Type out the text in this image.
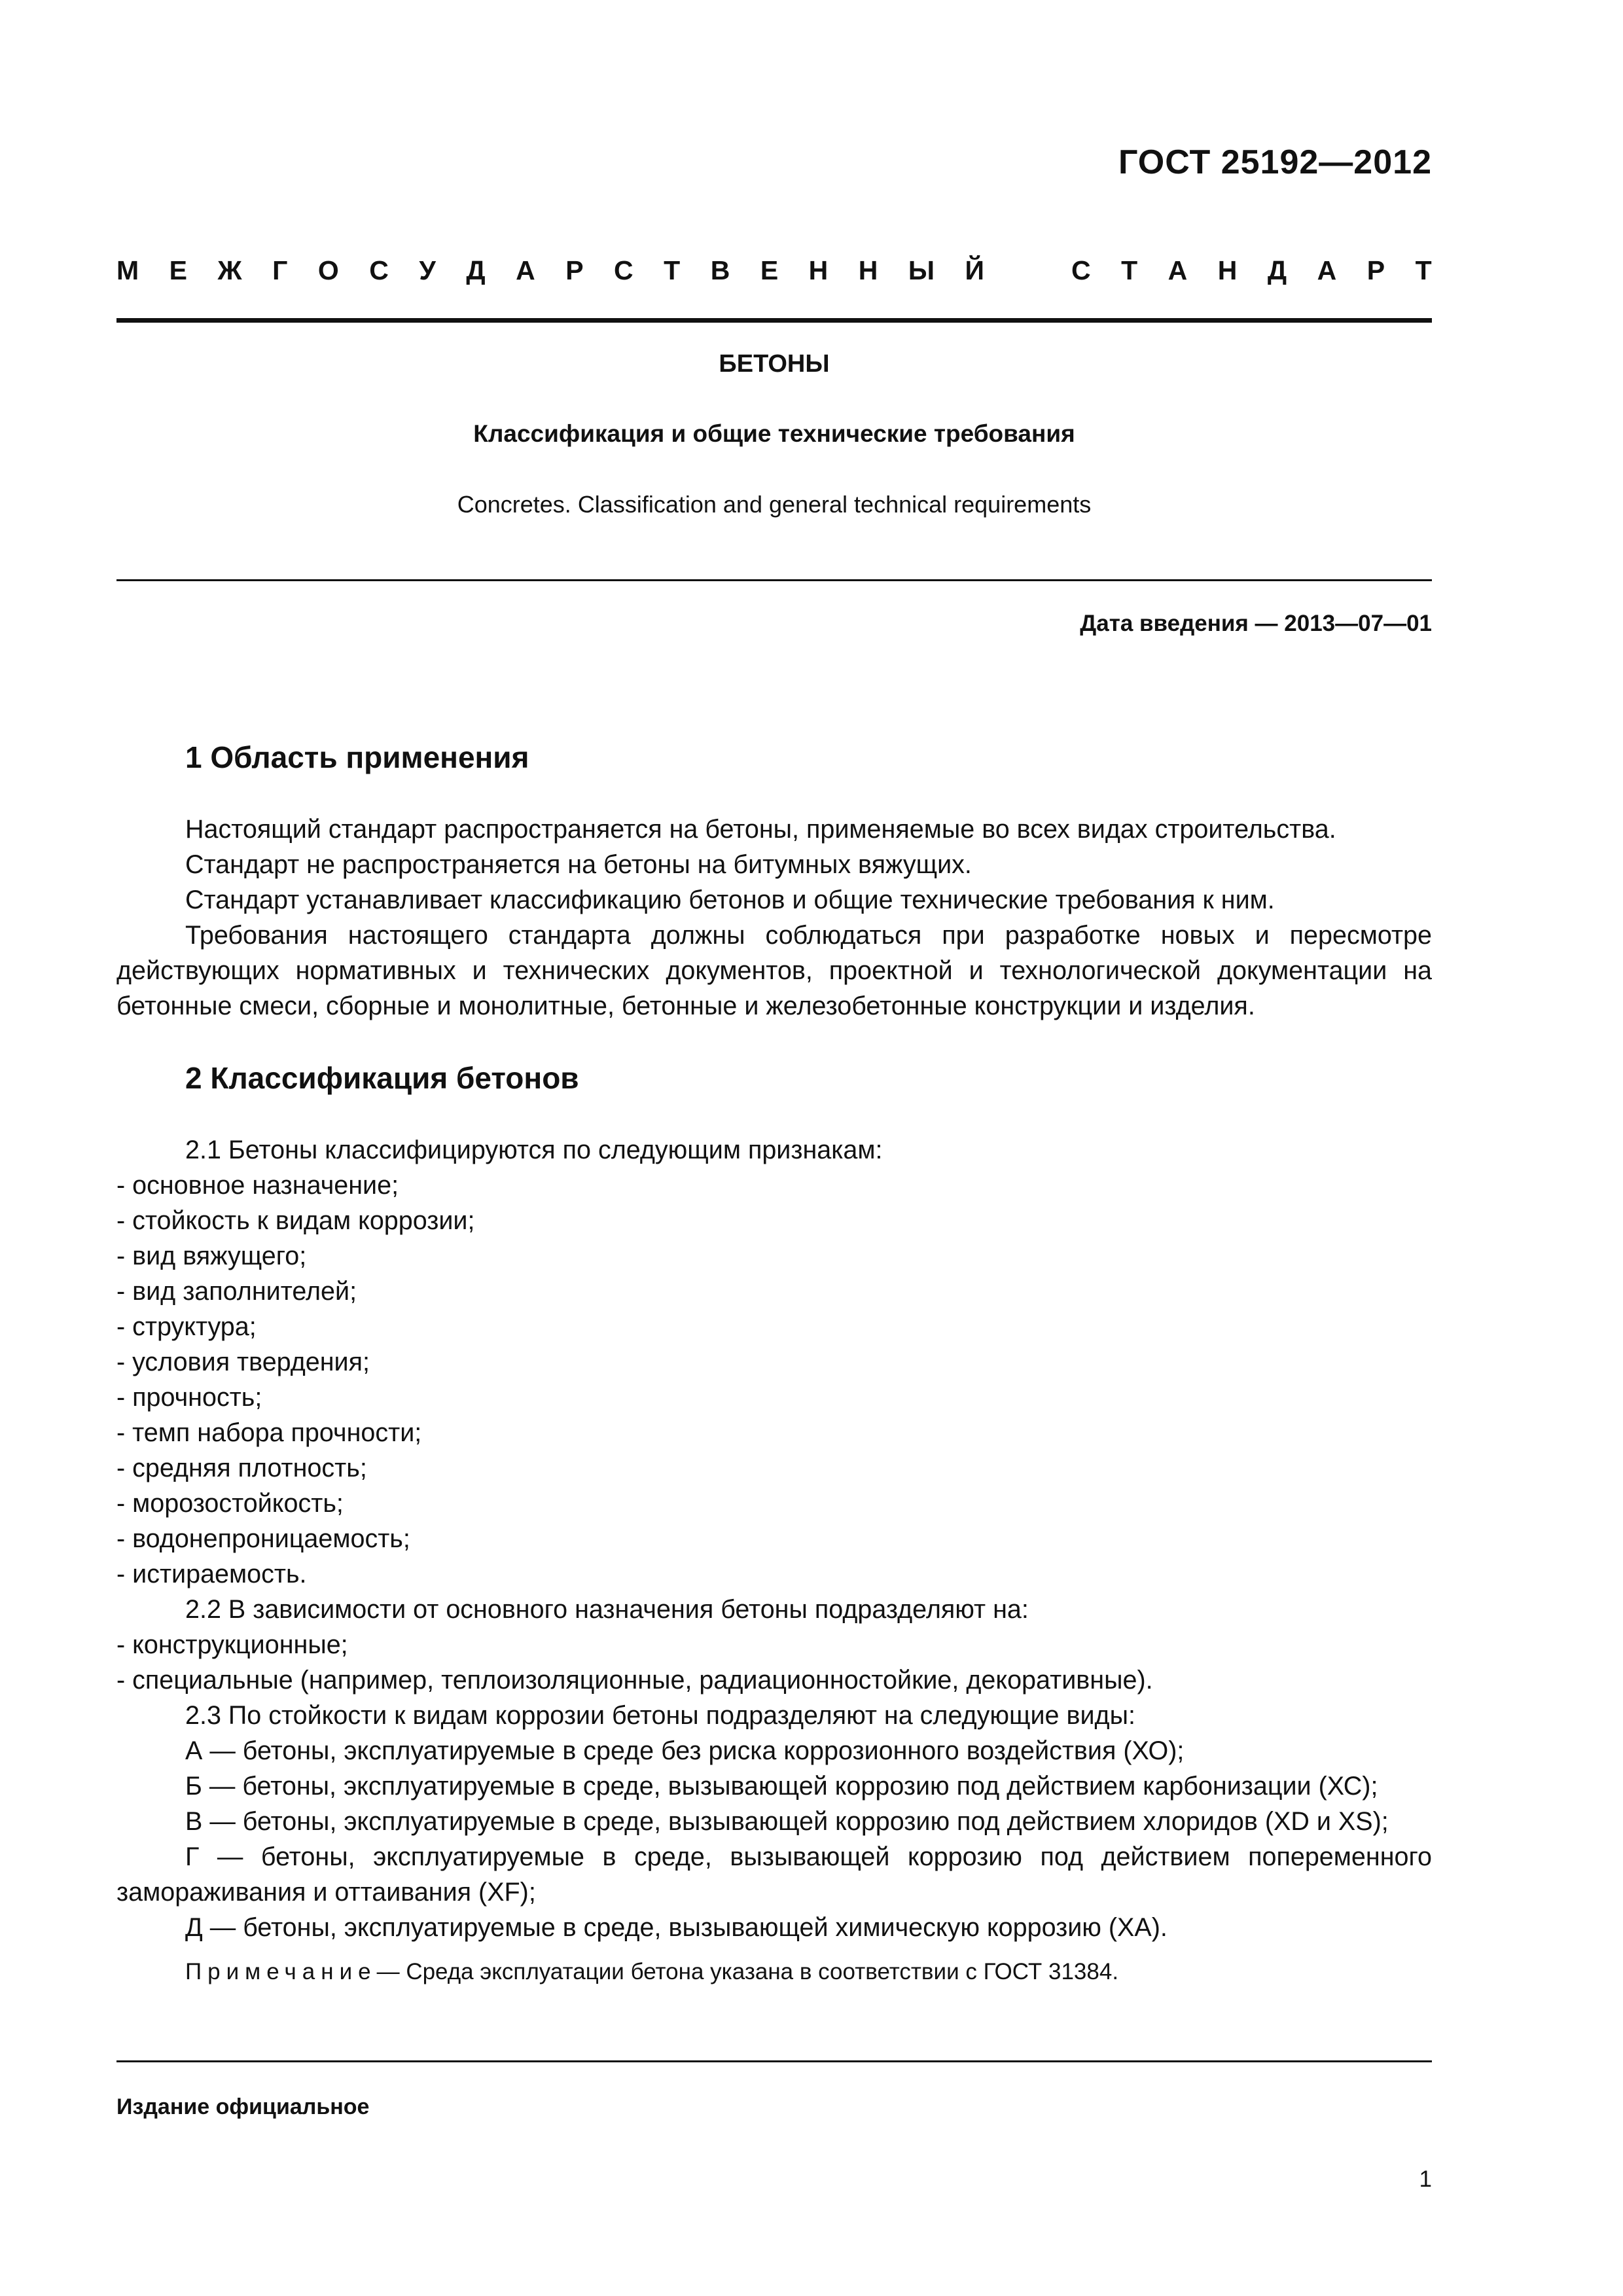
ГОСТ 25192—2012
М Е Ж Г О С У Д А Р С Т В Е Н Н Ы Й	С Т А Н Д А Р Т
БЕТОНЫ
Классификация и общие технические требования
Concretes. Classification and general technical requirements
Дата введения — 2013—07—01
1 Область применения

Настоящий стандарт распространяется на бетоны, применяемые во всех видах строительства.

Стандарт не распространяется на бетоны на битумных вяжущих.

Стандарт устанавливает классификацию бетонов и общие технические требования к ним.

Требования настоящего стандарта должны соблюдаться при разработке новых и пересмотре действующих нормативных и технических документов, проектной и технологической документации на бетонные смеси, сборные и монолитные, бетонные и железобетонные конструкции и изделия.

2 Классификация бетонов

2.1 Бетоны классифицируются по следующим признакам:

- основное назначение;

- стойкость к видам коррозии;

- вид вяжущего;

- вид заполнителей;

- структура;

- условия твердения;

- прочность;

- темп набора прочности;

- средняя плотность;

- морозостойкость;

- водонепроницаемость;

- истираемость.

2.2 В зависимости от основного назначения бетоны подразделяют на:

- конструкционные;

- специальные (например, теплоизоляционные, радиационностойкие, декоративные).

2.3 По стойкости к видам коррозии бетоны подразделяют на следующие виды:

А — бетоны, эксплуатируемые в среде без риска коррозионного воздействия (ХО);

Б — бетоны, эксплуатируемые в среде, вызывающей коррозию под действием карбонизации (ХС);

В — бетоны, эксплуатируемые в среде, вызывающей коррозию под действием хлоридов (XD и XS);

Г — бетоны, эксплуатируемые в среде, вызывающей коррозию под действием попеременного замораживания и оттаивания (XF);

Д — бетоны, эксплуатируемые в среде, вызывающей химическую коррозию (ХА).

Примечание— Среда эксплуатации бетона указана в соответствии с ГОСТ 31384.

Издание официальное
1
